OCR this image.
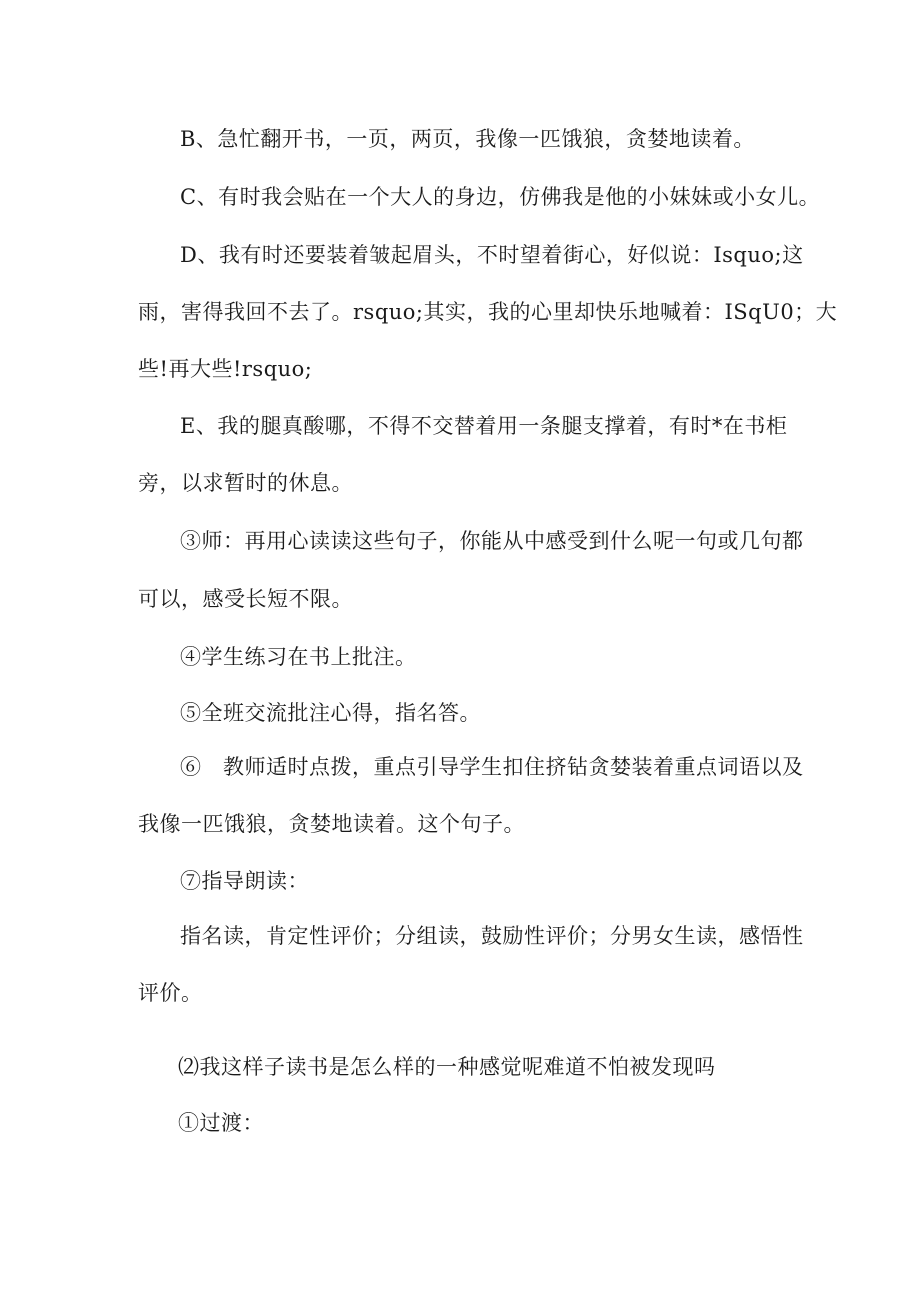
B、急忙翻开书，一页，两页，我像一匹饿狼，贪婪地读着。
C、有时我会贴在一个大人的身边，仿佛我是他的小妹妹或小女儿。
D、我有时还要装着皱起眉头，不时望着街心，好似说：Isquo;这
雨，害得我回不去了。rsquo;其实，我的心里却快乐地喊着：ISqU0；大
些!再大些!rsquo;
E、我的腿真酸哪，不得不交替着用一条腿支撑着，有时*在书柜
旁，以求暂时的休息。
③师：再用心读读这些句子，你能从中感受到什么呢一句或几句都
可以，感受长短不限。
④学生练习在书上批注。
⑤全班交流批注心得，指名答。
⑥　教师适时点拨，重点引导学生扣住挤钻贪婪装着重点词语以及
我像一匹饿狼，贪婪地读着。这个句子。
⑦指导朗读：
指名读，肯定性评价；分组读，鼓励性评价；分男女生读，感悟性
评价。
⑵我这样子读书是怎么样的一种感觉呢难道不怕被发现吗
①过渡：
